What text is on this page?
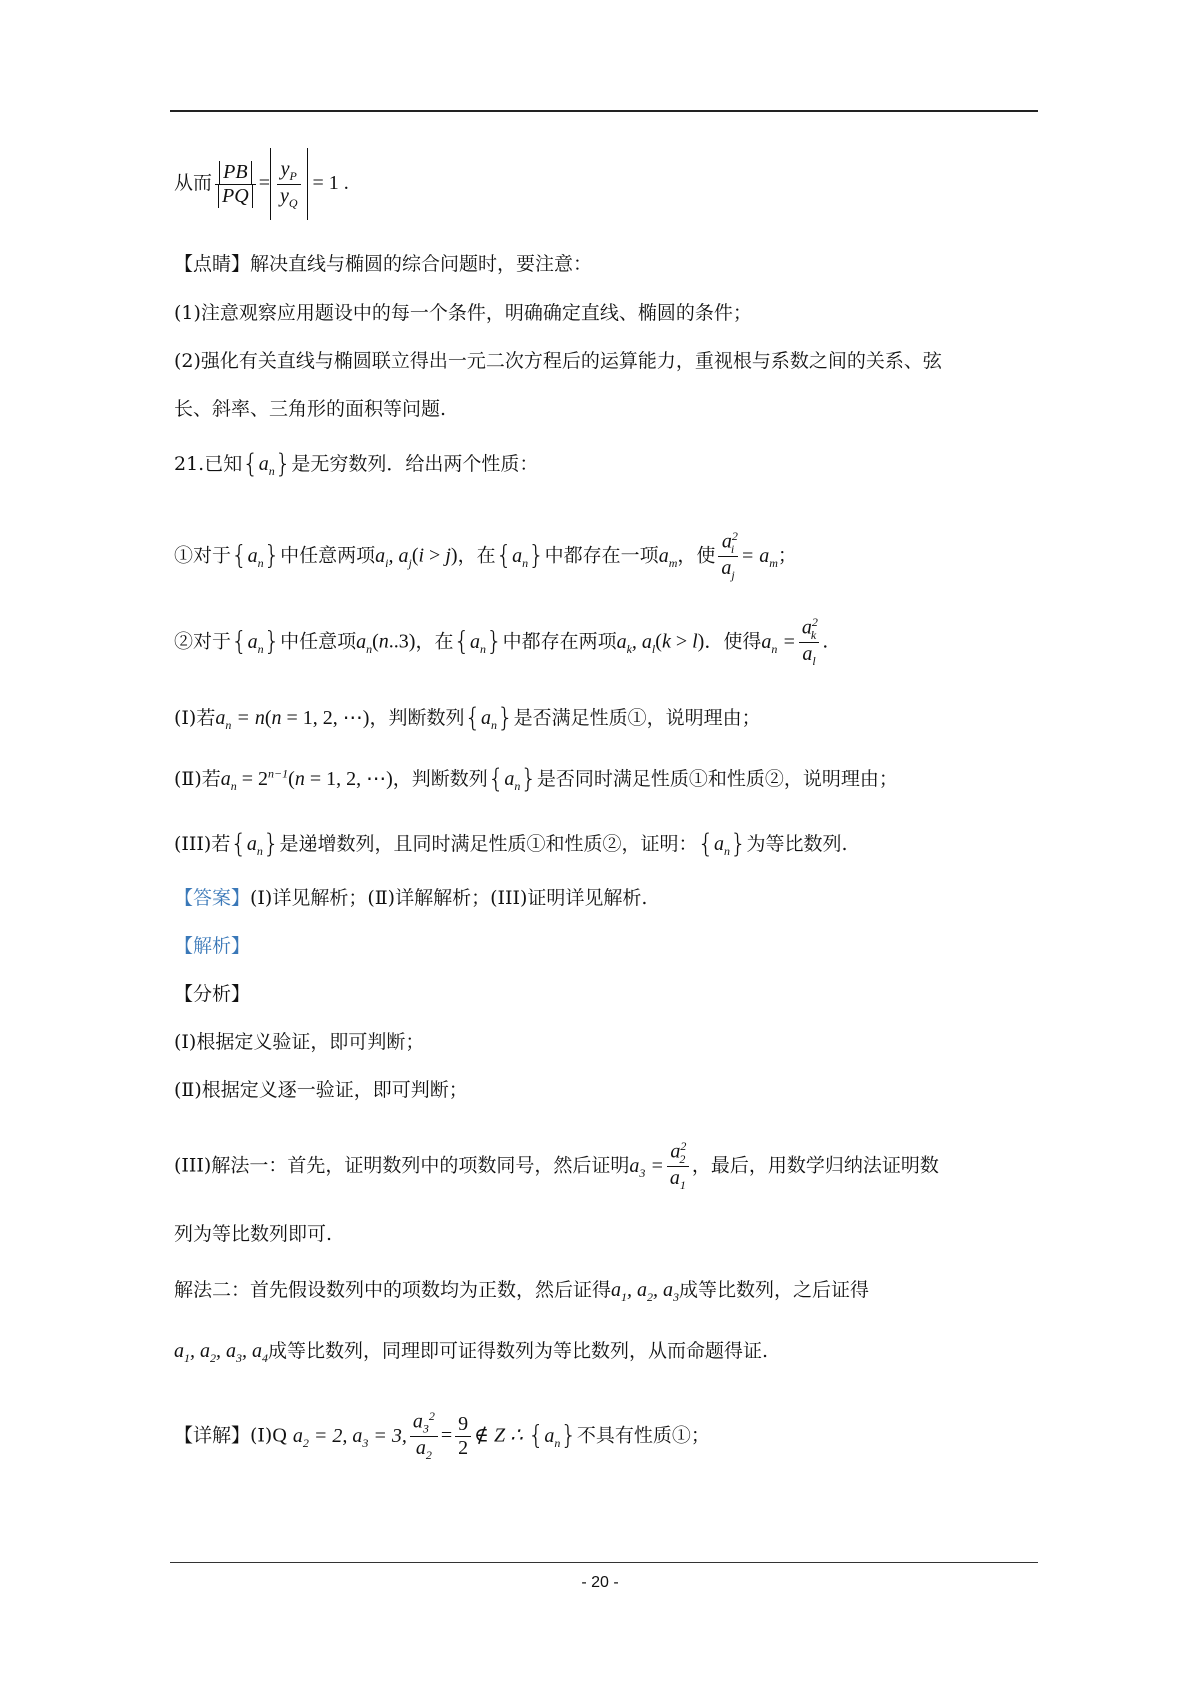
从而 $\frac{PB}{PQ} = \frac{y_P}{y_Q} = 1$ .
【点睛】解决直线与椭圆的综合问题时，要注意：
(1)注意观察应用题设中的每一个条件，明确确定直线、椭圆的条件；
(2)强化有关直线与椭圆联立得出一元二次方程后的运算能力，重视根与系数之间的关系、弦
长、斜率、三角形的面积等问题.
21.已知$\{a_n\}$是无穷数列．给出两个性质：
①对于$\{a_n\}$中任意两项$a_i$, $a_j(i > j)$，在$\{a_n\}$中都存在一项$a_m$，使 $\frac{a^2_i}{a_j} = a_m$；
②对于$\{a_n\}$中任意项$a_n(n..3)$，在$\{a_n\}$中都存在两项$a_k$, $a_l(k > l)$．使得$a_n = \frac{a^2_k}{a_l}$ .
(Ⅰ)若$a_n = n(n = 1$, 2, ⋯)，判断数列$\{a_n\}$是否满足性质①，说明理由；
(Ⅱ)若$a_n = 2^{n-1}(n = 1$, 2, ⋯)，判断数列$\{a_n\}$是否同时满足性质①和性质②，说明理由；
(III)若$\{a_n\}$是递增数列，且同时满足性质①和性质②，证明：$\{a_n\}$为等比数列.
【答案】(Ⅰ)详见解析；(Ⅱ)详解解析；(III)证明详见解析.
【解析】
【分析】
(Ⅰ)根据定义验证，即可判断；
(Ⅱ)根据定义逐一验证，即可判断；
(III)解法一：首先，证明数列中的项数同号，然后证明$a_3 = \frac{a^2_2}{a_1}$ ，最后，用数学归纳法证明数
列为等比数列即可.
解法二：首先假设数列中的项数均为正数，然后证得$a_1$, $a_2$, $a_3$成等比数列，之后证得
$a_1$, $a_2$, $a_3$, $a_4$成等比数列，同理即可证得数列为等比数列，从而命题得证.
【详解】(Ⅰ)Q $a_2 = 2$, $a_3 = 3$, $\frac{a_3^2}{a_2} = \frac{9}{2}$ ∉ Z ∴ $\{a_n\}$不具有性质①；
- 20 -
